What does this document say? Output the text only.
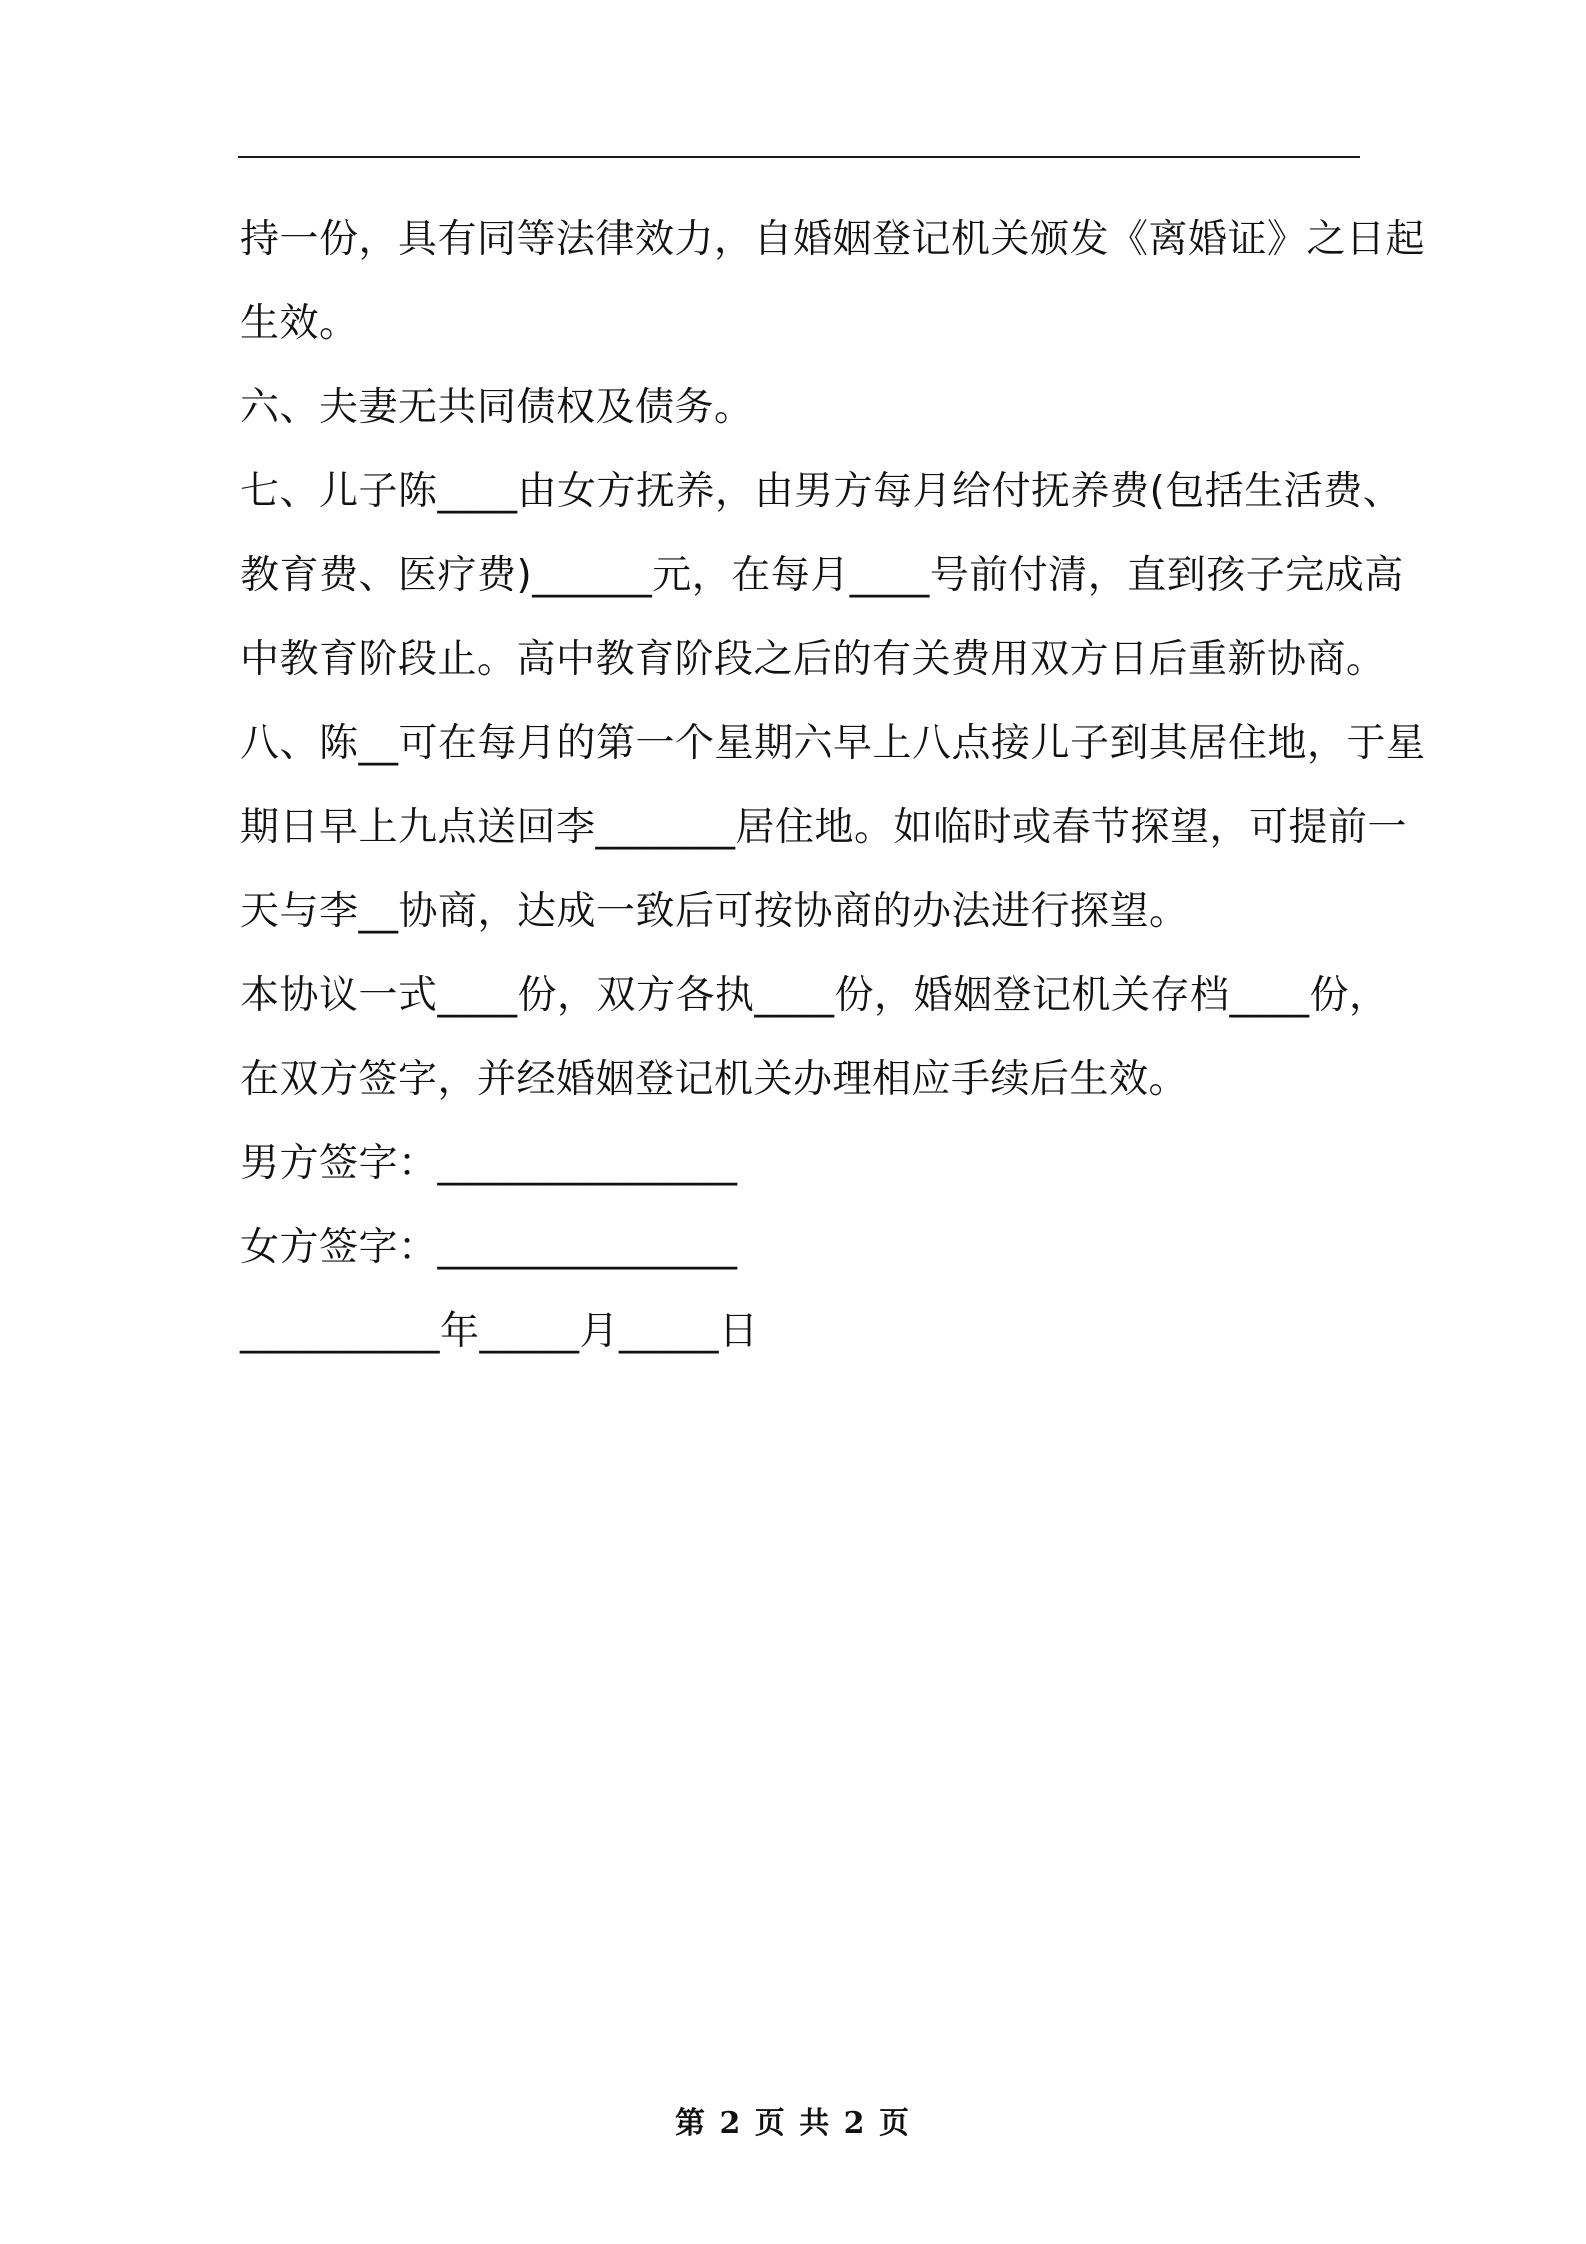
持一份，具有同等法律效力，自婚姻登记机关颁发《离婚证》之日起
生效。
六、夫妻无共同债权及债务。
七、儿子陈____由女方抚养，由男方每月给付抚养费(包括生活费、
教育费、医疗费)______元，在每月____号前付清，直到孩子完成高
中教育阶段止。高中教育阶段之后的有关费用双方日后重新协商。
八、陈__可在每月的第一个星期六早上八点接儿子到其居住地，于星
期日早上九点送回李_______居住地。如临时或春节探望，可提前一
天与李__协商，达成一致后可按协商的办法进行探望。
本协议一式____份，双方各执____份，婚姻登记机关存档____份，
在双方签字，并经婚姻登记机关办理相应手续后生效。
男方签字：_______________
女方签字：_______________
__________年_____月_____日
第 2 页 共 2 页
